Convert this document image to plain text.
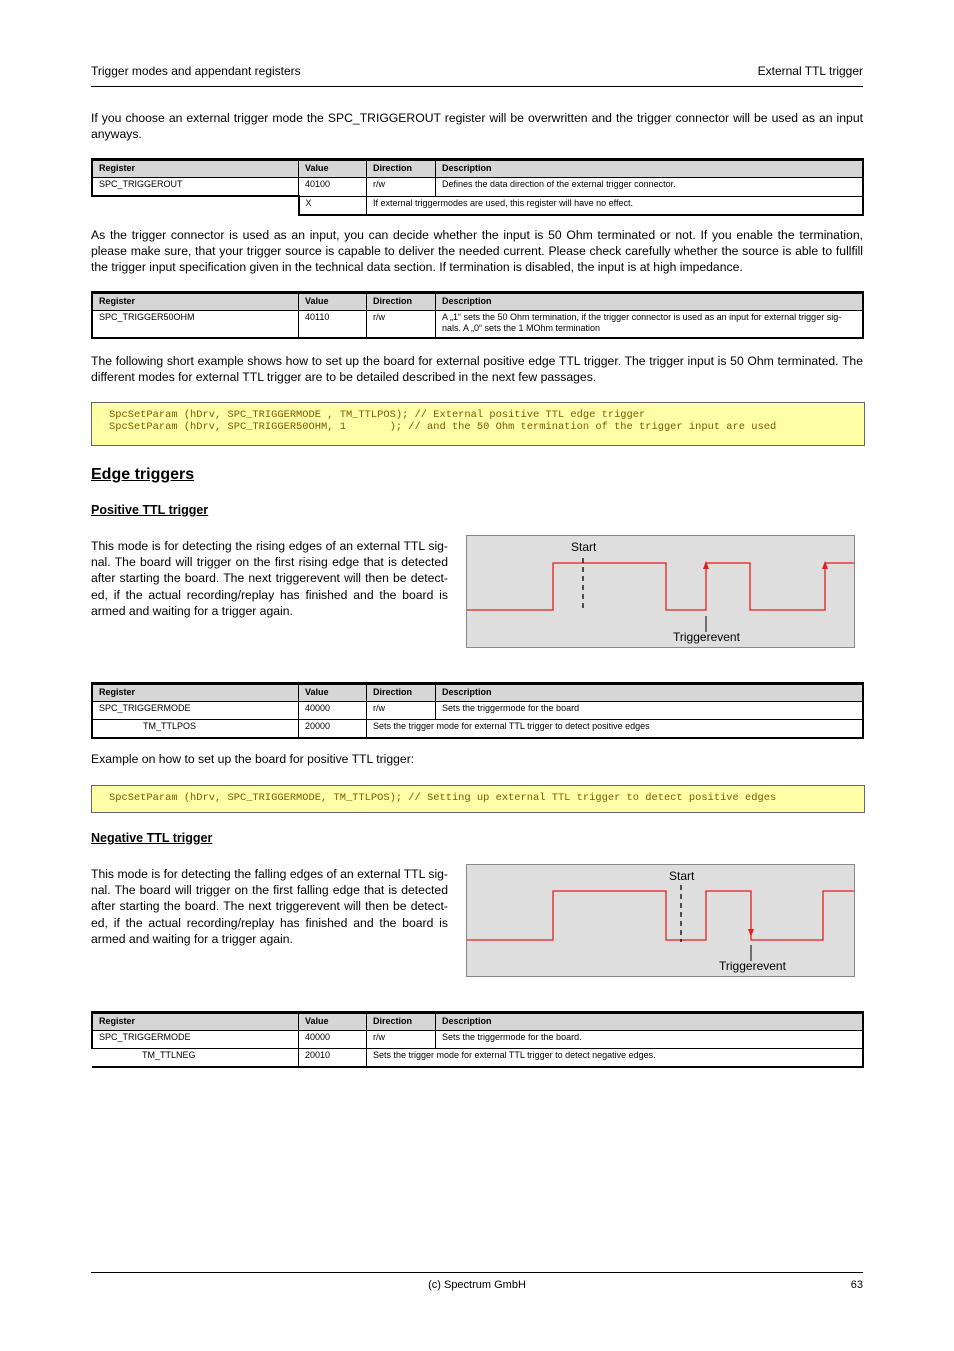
Trigger modes and appendant registers	External TTL trigger
If you choose an external trigger mode the SPC_TRIGGEROUT register will be overwritten and the trigger connector will be used as an input anyways.
Register	Value	Direction	Description
SPC_TRIGGEROUT	40100	r/w	Defines the data direction of the external trigger connector.
	X	If external triggermodes are used, this register will have no effect.	
As the trigger connector is used as an input, you can decide whether the input is 50 Ohm terminated or not. If you enable the termination, please make sure, that your trigger source is capable to deliver the needed current. Please check carefully whether the source is able to fullfill the trigger input specification given in the technical data section. If termination is disabled, the input is at high impedance.
Register	Value	Direction	Description
SPC_TRIGGER50OHM	40110	r/w	A „1“ sets the 50 Ohm termination, if the trigger connector is used as an input for external trigger sig-
nals. A „0“ sets the 1 MOhm termination
The following short example shows how to set up the board for external positive edge TTL trigger. The trigger input is 50 Ohm terminated. The different modes for external TTL trigger are to be detailed described in the next few passages.
SpcSetParam (hDrv, SPC_TRIGGERMODE , TM_TTLPOS); // External positive TTL edge trigger
SpcSetParam (hDrv, SPC_TRIGGER50OHM, 1       ); // and the 50 Ohm termination of the trigger input are used
Edge triggers
Positive TTL trigger
This mode is for detecting the rising edges of an external TTL sig-nal. The board will trigger on the first rising edge that is detected after starting the board. The next triggerevent will then be detect-ed, if the actual recording/replay has finished and the board is armed and waiting for a trigger again.
Start
Triggerevent
Register	Value	Direction	Description
SPC_TRIGGERMODE	40000	r/w	Sets the triggermode for the board
TM_TTLPOS	20000	Sets the trigger mode for external TTL trigger to detect positive edges	
Example on how to set up the board for positive TTL trigger:
SpcSetParam (hDrv, SPC_TRIGGERMODE, TM_TTLPOS); // Setting up external TTL trigger to detect positive edges
Negative TTL trigger
This mode is for detecting the falling edges of an external TTL sig-nal. The board will trigger on the first falling edge that is detected after starting the board. The next triggerevent will then be detect-ed, if the actual recording/replay has finished and the board is armed and waiting for a trigger again.
Start
Triggerevent
Register	Value	Direction	Description
SPC_TRIGGERMODE	40000	r/w	Sets the triggermode for the board.
TM_TTLNEG	20010	Sets the trigger mode for external TTL trigger to detect negative edges.	
(c) Spectrum GmbH	63
